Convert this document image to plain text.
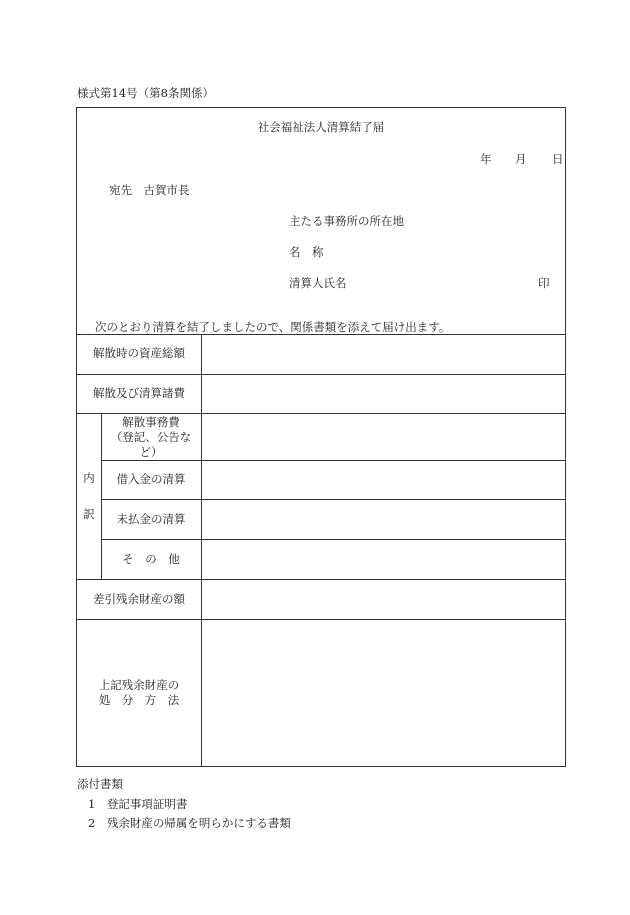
様式第14号（第8条関係）
社会福祉法人清算結了届
年 月 日
宛先　古賀市長
主たる事務所の所在地
名　称
清算人氏名	印
次のとおり清算を結了しましたので、関係書類を添えて届け出ます。
解散時の資産総額
解散及び清算諸費
内
訳
解散事務費
（登記、公告な
ど）
借入金の清算
未払金の清算
そ　の　他
差引残余財産の額
上記残余財産の
処　分　方　法
添付書類
1　登記事項証明書
2　残余財産の帰属を明らかにする書類
